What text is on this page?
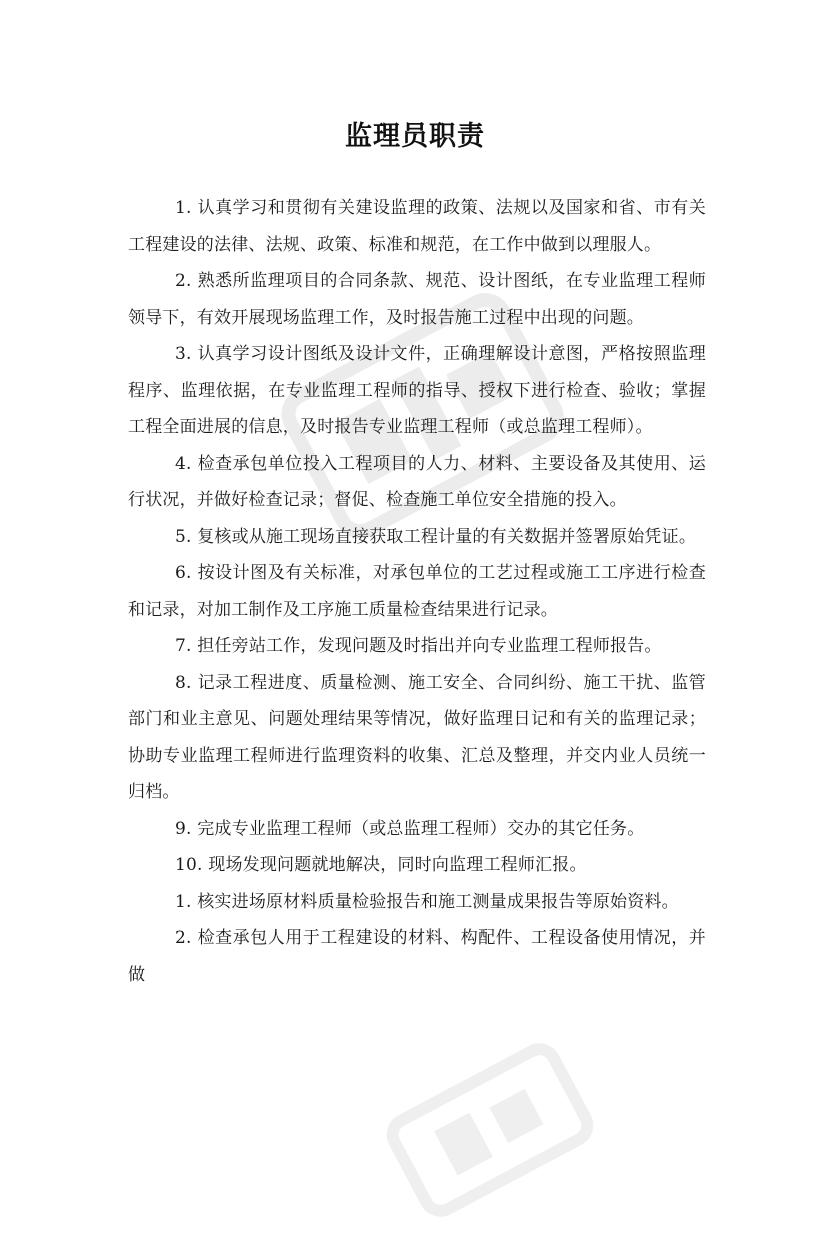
监理员职责

1. 认真学习和贯彻有关建设监理的政策、法规以及国家和省、市有关工程建设的法律、法规、政策、标准和规范，在工作中做到以理服人。

2. 熟悉所监理项目的合同条款、规范、设计图纸，在专业监理工程师领导下，有效开展现场监理工作，及时报告施工过程中出现的问题。

3. 认真学习设计图纸及设计文件，正确理解设计意图，严格按照监理程序、监理依据，在专业监理工程师的指导、授权下进行检查、验收；掌握工程全面进展的信息，及时报告专业监理工程师（或总监理工程师）。

4. 检查承包单位投入工程项目的人力、材料、主要设备及其使用、运行状况，并做好检查记录；督促、检查施工单位安全措施的投入。

5. 复核或从施工现场直接获取工程计量的有关数据并签署原始凭证。

6. 按设计图及有关标准，对承包单位的工艺过程或施工工序进行检查和记录，对加工制作及工序施工质量检查结果进行记录。

7. 担任旁站工作，发现问题及时指出并向专业监理工程师报告。

8. 记录工程进度、质量检测、施工安全、合同纠纷、施工干扰、监管部门和业主意见、问题处理结果等情况，做好监理日记和有关的监理记录；协助专业监理工程师进行监理资料的收集、汇总及整理，并交内业人员统一归档。

9. 完成专业监理工程师（或总监理工程师）交办的其它任务。

10. 现场发现问题就地解决，同时向监理工程师汇报。

1. 核实进场原材料质量检验报告和施工测量成果报告等原始资料。

2. 检查承包人用于工程建设的材料、构配件、工程设备使用情况，并做
